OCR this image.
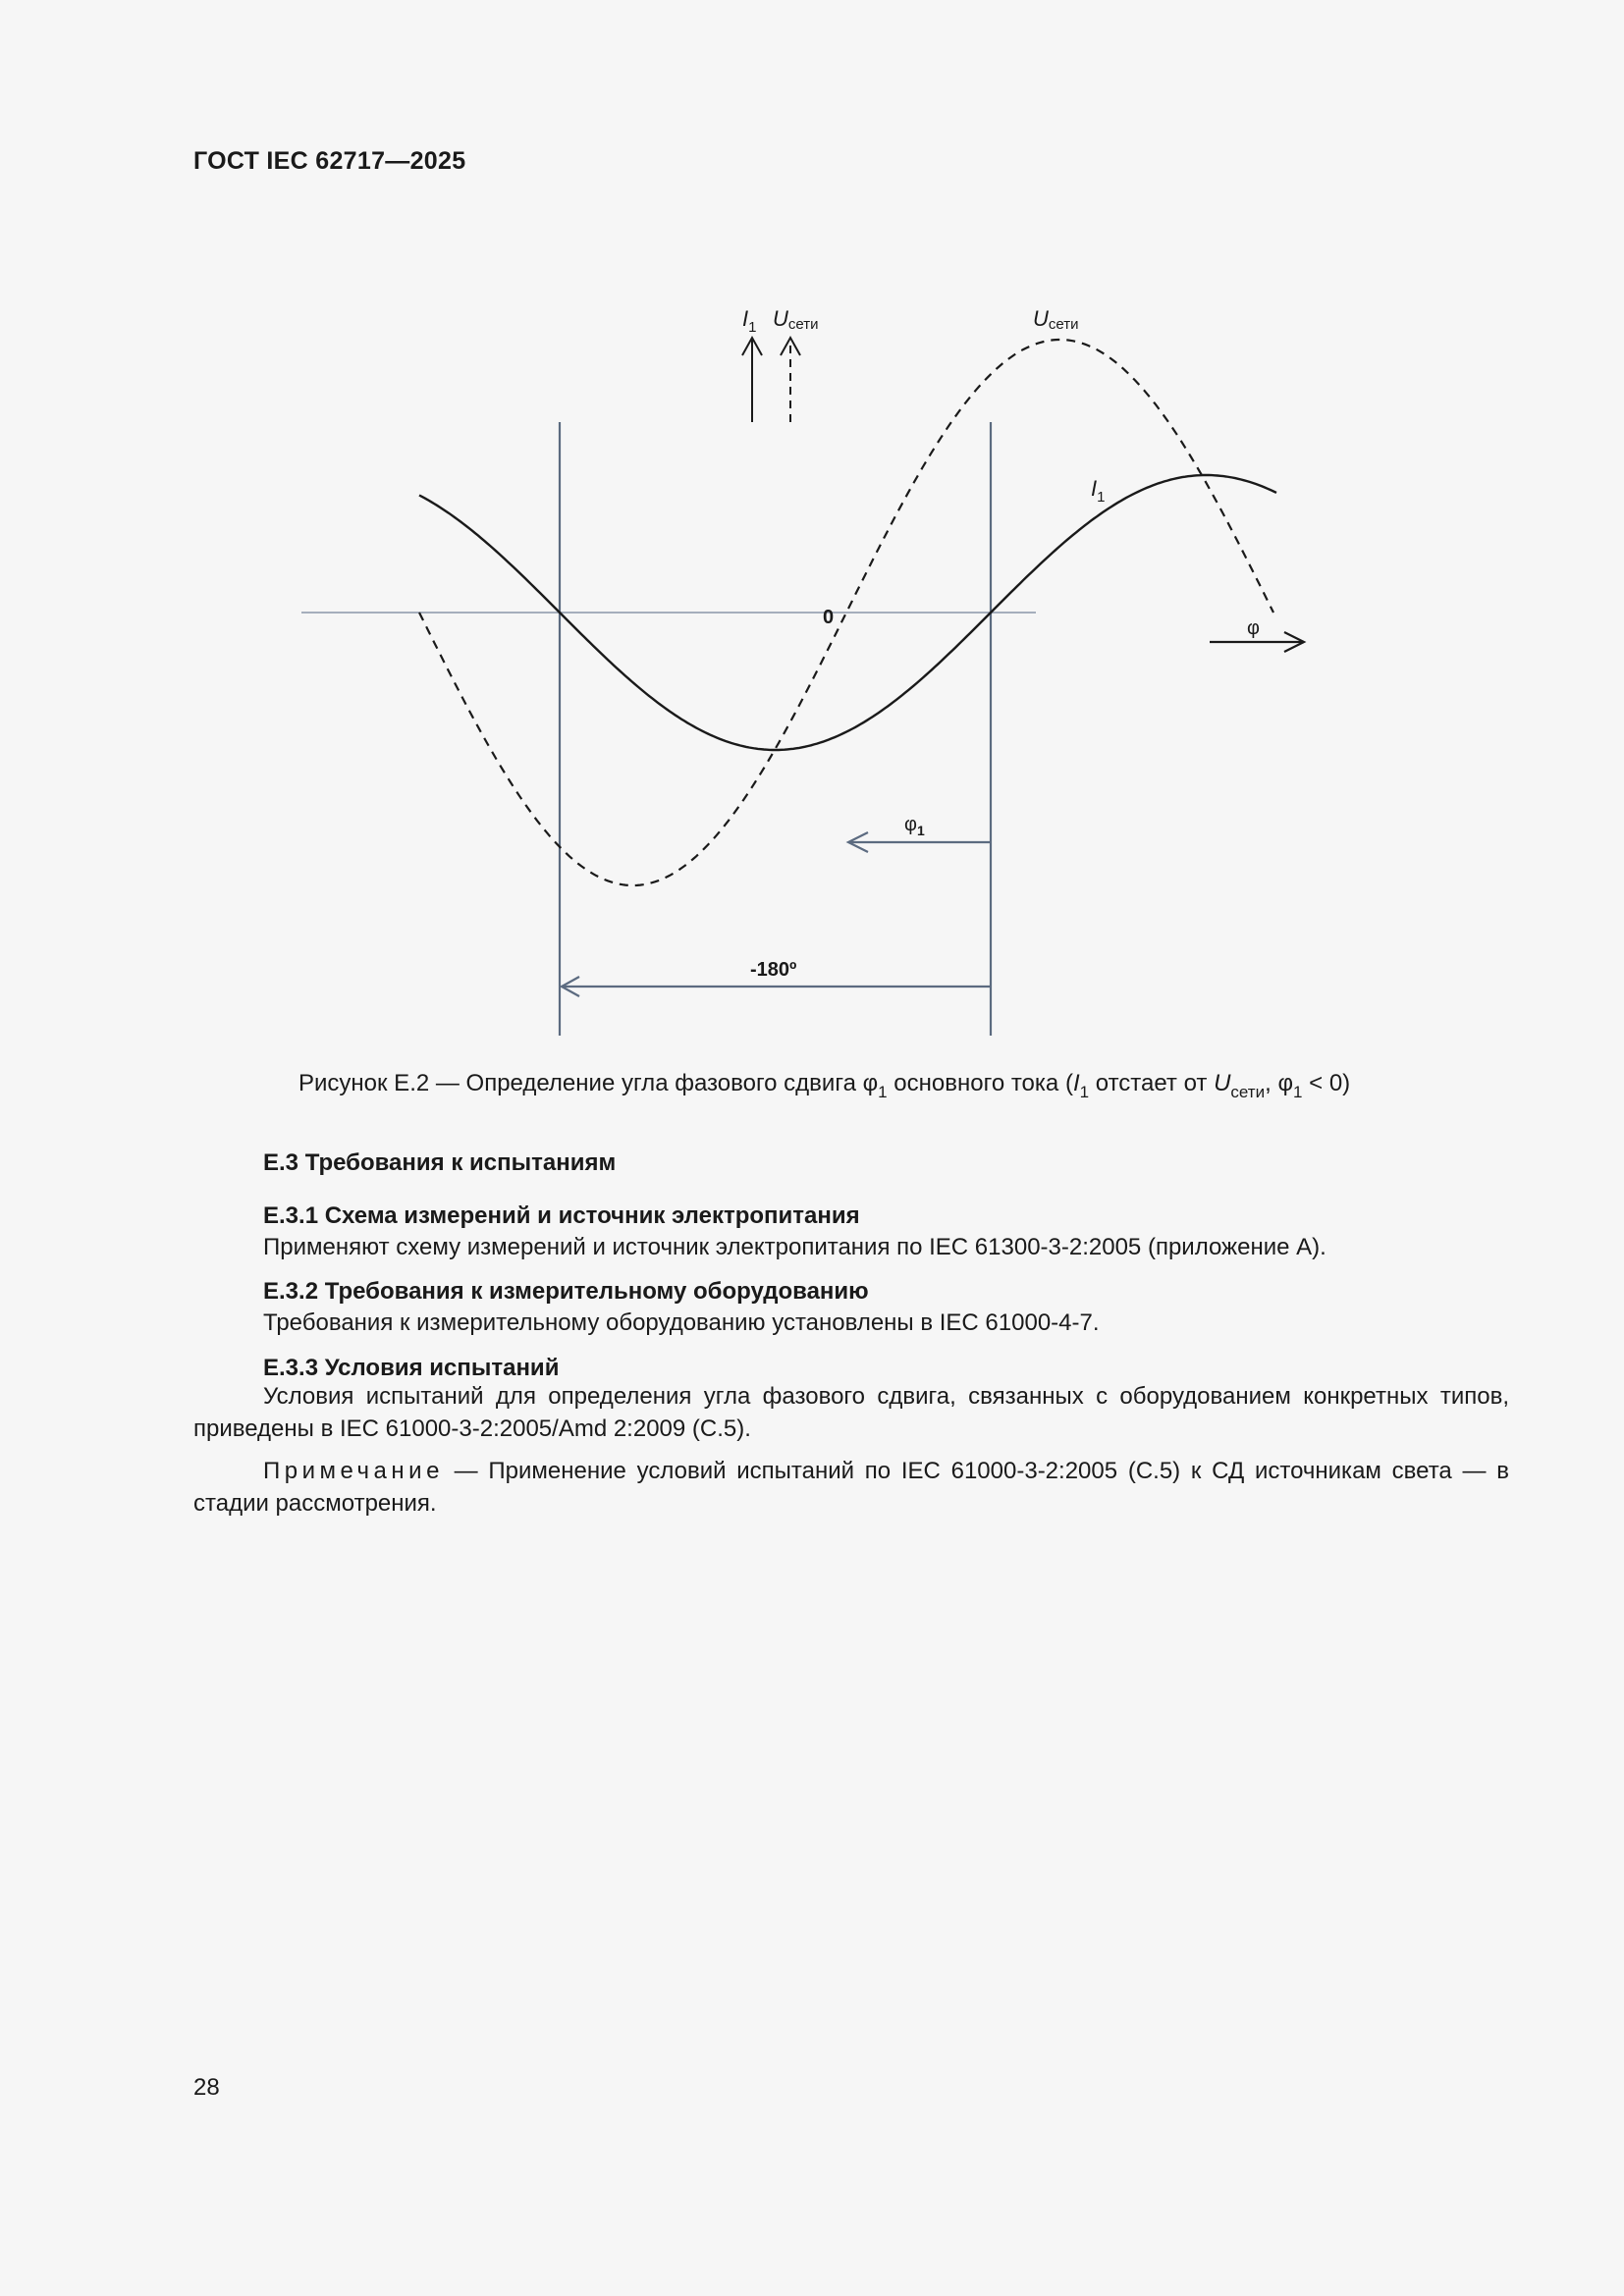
ГОСТ IEC 62717—2025
$I_1$ Uсети	Uсети
$I_1$
0	φ
$\varphi_1$
-180º
Рисунок Е.2 — Определение угла фазового сдвига $\varphi_1$ основного тока ($I_1$ отстает от $U_{сети}$, $\varphi_1 < 0$)
Е.3 Требования к испытаниям
Е.3.1 Схема измерений и источник электропитания
Применяют схему измерений и источник электропитания по IEC 61300-3-2:2005 (приложение А).
Е.3.2 Требования к измерительному оборудованию
Требования к измерительному оборудованию установлены в IEC 61000-4-7.
Е.3.3 Условия испытаний
Условия испытаний для определения угла фазового сдвига, связанных с оборудованием конкретных типов, приведены в IEC 61000-3-2:2005/Amd 2:2009 (С.5).
Примечание — Применение условий испытаний по IEC 61000-3-2:2005 (С.5) к СД источникам света — в стадии рассмотрения.
28
